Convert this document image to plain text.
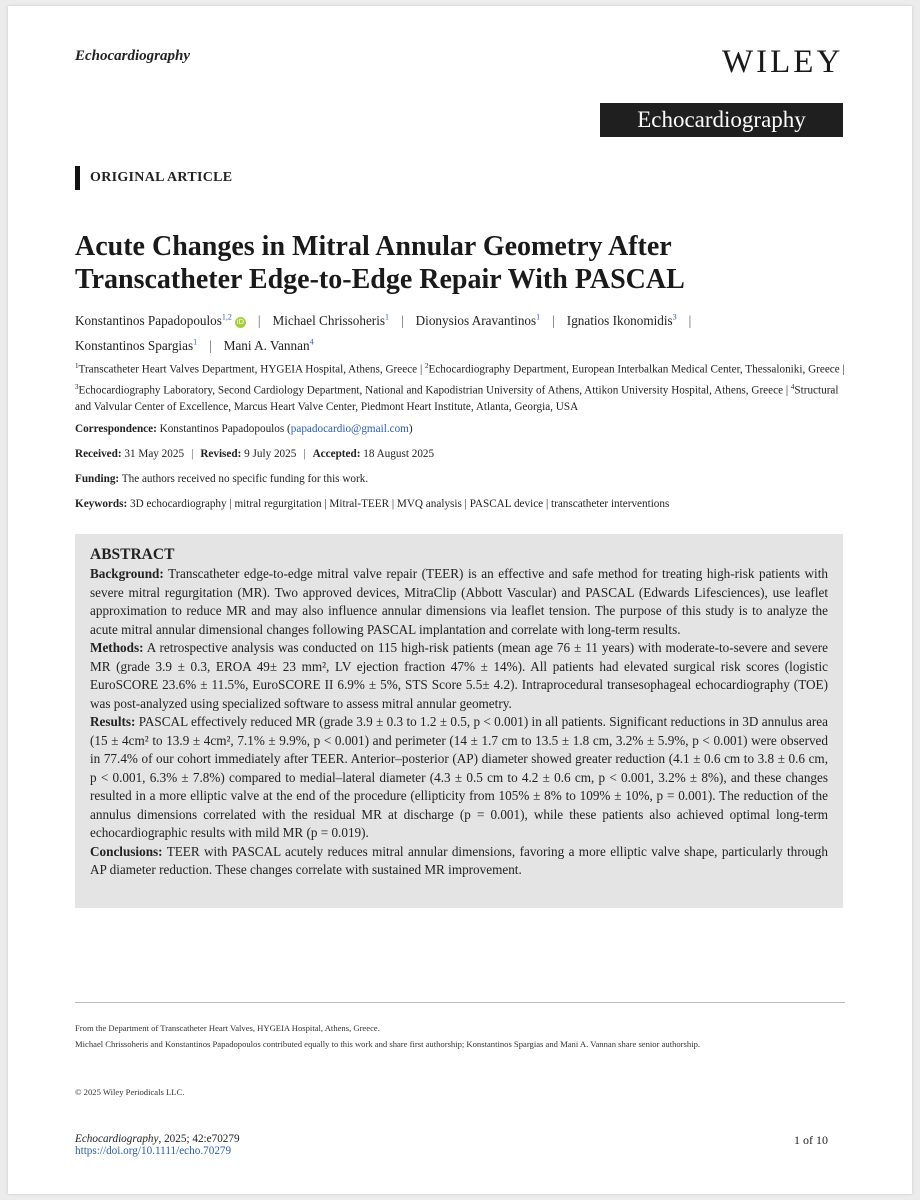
Echocardiography	WILEY
Echocardiography
ORIGINAL ARTICLE
Acute Changes in Mitral Annular Geometry After Transcatheter Edge-to-Edge Repair With PASCAL
Konstantinos Papadopoulos$^{1,2}$iD | Michael Chrissoheris$^1$ | Dionysios Aravantinos$^1$ | Ignatios Ikonomidis$^3$ |
Konstantinos Spargias$^1$ | Mani A. Vannan$^4$
$^1$Transcatheter Heart Valves Department, HYGEIA Hospital, Athens, Greece | $^2$Echocardiography Department, European Interbalkan Medical Center, Thessaloniki, Greece | $^3$Echocardiography Laboratory, Second Cardiology Department, National and Kapodistrian University of Athens, Attikon University Hospital, Athens, Greece | $^4$Structural and Valvular Center of Excellence, Marcus Heart Valve Center, Piedmont Heart Institute, Atlanta, Georgia, USA
Correspondence: Konstantinos Papadopoulos (papadocardio@gmail.com)
Received: 31 May 2025 | Revised: 9 July 2025 | Accepted: 18 August 2025
Funding: The authors received no specific funding for this work.
Keywords: 3D echocardiography | mitral regurgitation | Mitral-TEER | MVQ analysis | PASCAL device | transcatheter interventions
ABSTRACT

Background: Transcatheter edge-to-edge mitral valve repair (TEER) is an effective and safe method for treating high-risk patients with severe mitral regurgitation (MR). Two approved devices, MitraClip (Abbott Vascular) and PASCAL (Edwards Lifesciences), use leaflet approximation to reduce MR and may also influence annular dimensions via leaflet tension. The purpose of this study is to analyze the acute mitral annular dimensional changes following PASCAL implantation and correlate with long-term results.

Methods: A retrospective analysis was conducted on 115 high-risk patients (mean age 76 ± 11 years) with moderate-to-severe and severe MR (grade 3.9 ± 0.3, EROA 49± 23 mm², LV ejection fraction 47% ± 14%). All patients had elevated surgical risk scores (logistic EuroSCORE 23.6% ± 11.5%, EuroSCORE II 6.9% ± 5%, STS Score 5.5± 4.2). Intraprocedural transesophageal echocardiography (TOE) was post-analyzed using specialized software to assess mitral annular geometry.

Results: PASCAL effectively reduced MR (grade 3.9 ± 0.3 to 1.2 ± 0.5, p < 0.001) in all patients. Significant reductions in 3D annulus area (15 ± 4cm² to 13.9 ± 4cm², 7.1% ± 9.9%, p < 0.001) and perimeter (14 ± 1.7 cm to 13.5 ± 1.8 cm, 3.2% ± 5.9%, p < 0.001) were observed in 77.4% of our cohort immediately after TEER. Anterior–posterior (AP) diameter showed greater reduction (4.1 ± 0.6 cm to 3.8 ± 0.6 cm, p < 0.001, 6.3% ± 7.8%) compared to medial–lateral diameter (4.3 ± 0.5 cm to 4.2 ± 0.6 cm, p < 0.001, 3.2% ± 8%), and these changes resulted in a more elliptic valve at the end of the procedure (ellipticity from 105% ± 8% to 109% ± 10%, p = 0.001). The reduction of the annulus dimensions correlated with the residual MR at discharge (p = 0.001), while these patients also achieved optimal long-term echocardiographic results with mild MR (p = 0.019).

Conclusions: TEER with PASCAL acutely reduces mitral annular dimensions, favoring a more elliptic valve shape, particularly through AP diameter reduction. These changes correlate with sustained MR improvement.

From the Department of Transcatheter Heart Valves, HYGEIA Hospital, Athens, Greece.
Michael Chrissoheris and Konstantinos Papadopoulos contributed equally to this work and share first authorship; Konstantinos Spargias and Mani A. Vannan share senior authorship.
© 2025 Wiley Periodicals LLC.
Echocardiography, 2025; 42:e70279
https://doi.org/10.1111/echo.70279
1 of 10
